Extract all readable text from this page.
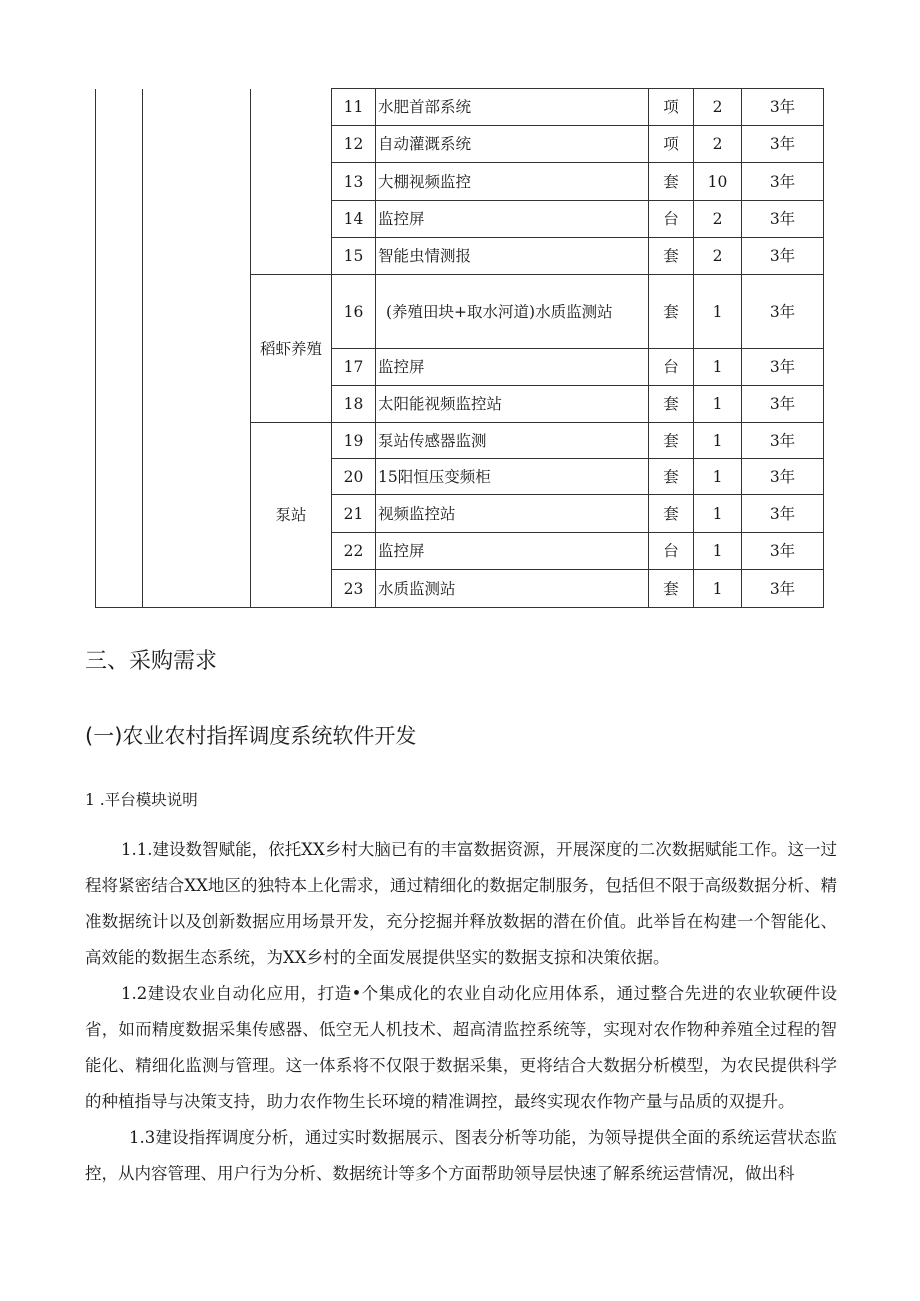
			11	水肥首部系统	项	2	3年
			12	自动灌溉系统	项	2	3年
			13	大棚视频监控	套	10	3年
			14	监控屏	台	2	3年
			15	智能虫情测报	套	2	3年
		稻虾养殖	16	(养殖田块+取水河道)水质监测站	套	1	3年
			17	监控屏	台	1	3年
			18	太阳能视频监控站	套	1	3年
		泵站	19	泵站传感器监测	套	1	3年
			20	15阳恒压变频柜	套	1	3年
			21	视频监控站	套	1	3年
			22	监控屏	台	1	3年
			23	水质监测站	套	1	3年
三、采购需求
(一)农业农村指挥调度系统软件开发

1 .平台模块说明

1.1.建设数智赋能，依托XX乡村大脑已有的丰富数据资源，开展深度的二次数据赋能工作。这一过程将紧密结合XX地区的独特本上化需求，通过精细化的数据定制服务，包括但不限于高级数据分析、精准数据统计以及创新数据应用场景开发，充分挖掘并释放数据的潜在价值。此举旨在构建一个智能化、高效能的数据生态系统，为XX乡村的全面发展提供坚实的数据支掠和决策依据。

1.2建设农业自动化应用，打造•个集成化的农业自动化应用体系，通过整合先进的农业软硬件设省，如而精度数据采集传感器、低空无人机技术、超高清监控系统等，实现对农作物种养殖全过程的智能化、精细化监测与管理。这一体系将不仅限于数据采集，更将结合大数据分析模型，为农民提供科学的种植指导与决策支持，助力农作物生长环境的精准调控，最终实现农作物产量与品质的双提升。

1.3建设指挥调度分析，通过实时数据展示、图表分析等功能，为领导提供全面的系统运营状态监控，从内容管理、用户行为分析、数据统计等多个方面帮助领导层快速了解系统运营情况，做出科
